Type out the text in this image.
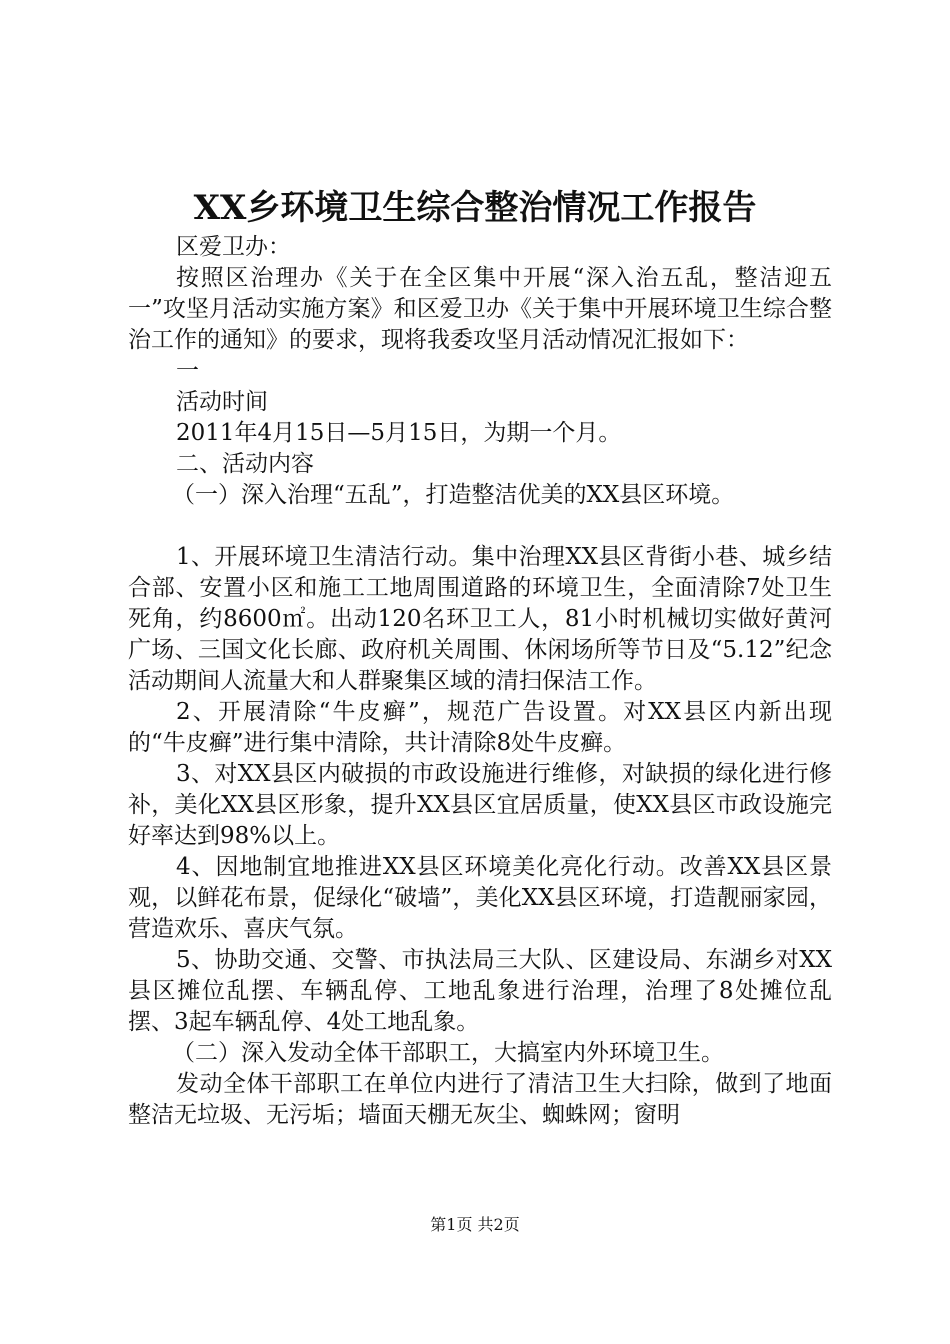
XX乡环境卫生综合整治情况工作报告

区爱卫办：

按照区治理办《关于在全区集中开展“深入治五乱，整洁迎五一”攻坚月活动实施方案》和区爱卫办《关于集中开展环境卫生综合整治工作的通知》的要求，现将我委攻坚月活动情况汇报如下：

一

活动时间

2011年4月15日—5月15日，为期一个月。

二、活动内容

（一）深入治理“五乱”，打造整洁优美的XX县区环境。

1、开展环境卫生清洁行动。集中治理XX县区背街小巷、城乡结合部、安置小区和施工工地周围道路的环境卫生，全面清除7处卫生死角，约8600㎡。出动120名环卫工人，81小时机械切实做好黄河广场、三国文化长廊、政府机关周围、休闲场所等节日及“5.12”纪念活动期间人流量大和人群聚集区域的清扫保洁工作。

2、开展清除“牛皮癣”，规范广告设置。对XX县区内新出现的“牛皮癣”进行集中清除，共计清除8处牛皮癣。

3、对XX县区内破损的市政设施进行维修，对缺损的绿化进行修补，美化XX县区形象，提升XX县区宜居质量，使XX县区市政设施完好率达到98%以上。

4、因地制宜地推进XX县区环境美化亮化行动。改善XX县区景观，以鲜花布景，促绿化“破墙”，美化XX县区环境，打造靓丽家园，营造欢乐、喜庆气氛。

5、协助交通、交警、市执法局三大队、区建设局、东湖乡对XX县区摊位乱摆、车辆乱停、工地乱象进行治理，治理了8处摊位乱摆、3起车辆乱停、4处工地乱象。

（二）深入发动全体干部职工，大搞室内外环境卫生。

发动全体干部职工在单位内进行了清洁卫生大扫除，做到了地面整洁无垃圾、无污垢；墙面天棚无灰尘、蜘蛛网；窗明

第1页 共2页
